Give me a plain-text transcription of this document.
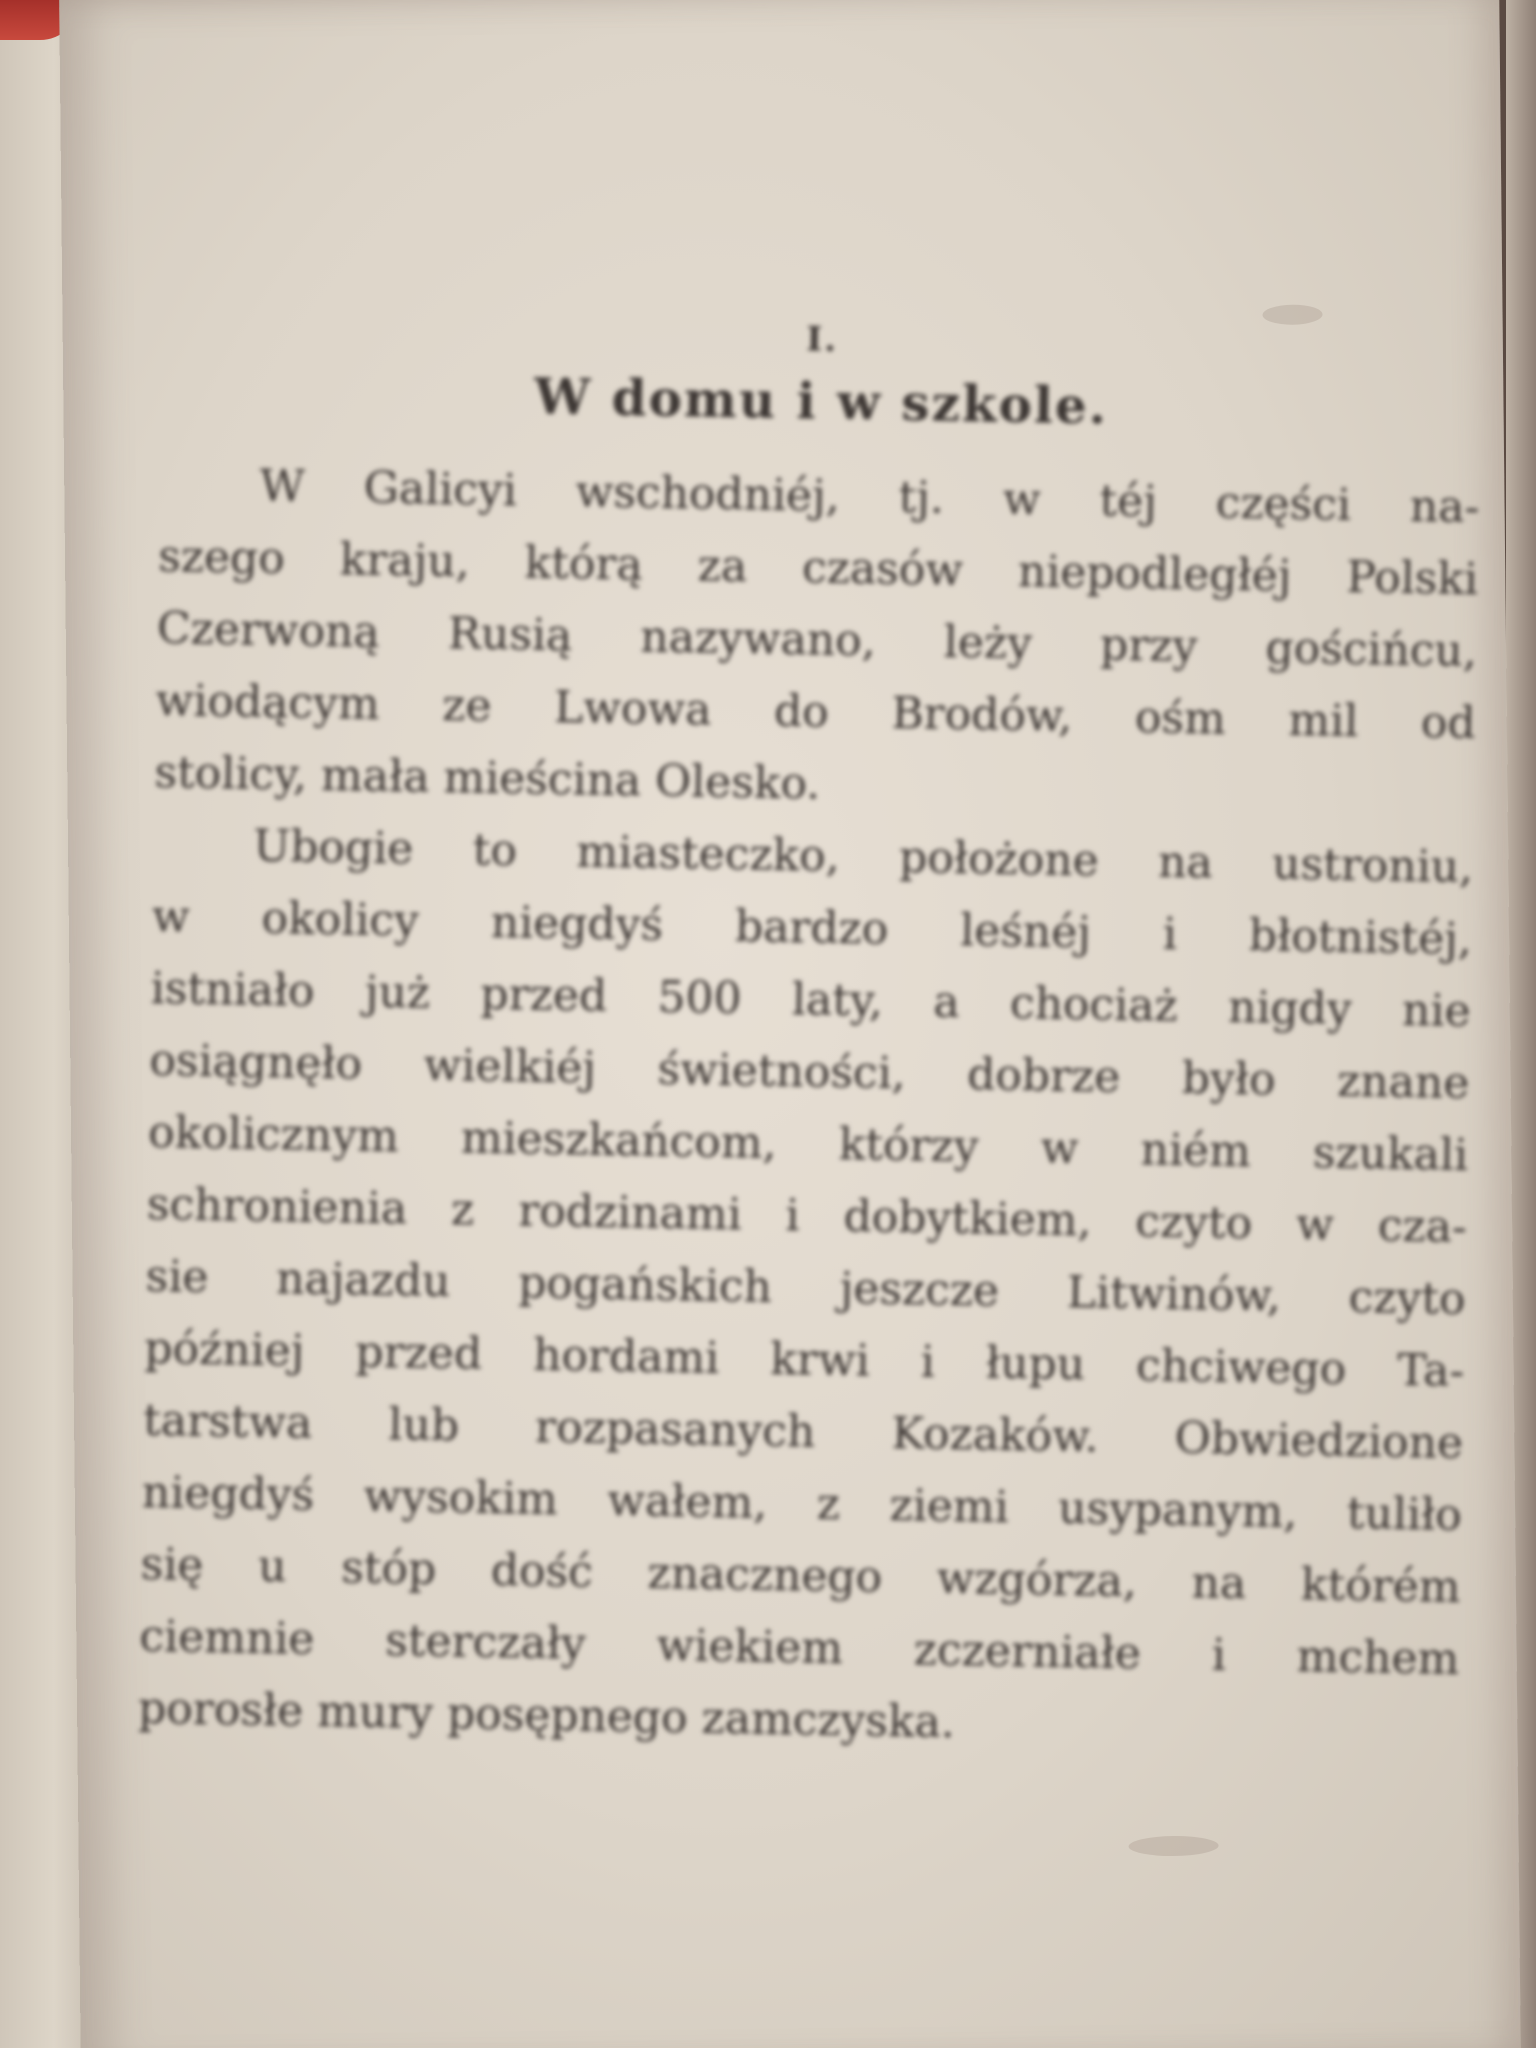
I.
W domu i w szkole.
W Galicyi wschodniéj, tj. w téj części na-
szego kraju, którą za czasów niepodległéj Polski
Czerwoną Rusią nazywano, leży przy gościńcu,
wiodącym ze Lwowa do Brodów, ośm mil od
stolicy, mała mieścina Olesko.
Ubogie to miasteczko, położone na ustroniu,
w okolicy niegdyś bardzo leśnéj i błotnistéj,
istniało już przed 500 laty, a chociaż nigdy nie
osiągnęło wielkiéj świetności, dobrze było znane
okolicznym mieszkańcom, którzy w niém szukali
schronienia z rodzinami i dobytkiem, czyto w cza-
sie najazdu pogańskich jeszcze Litwinów, czyto
później przed hordami krwi i łupu chciwego Ta-
tarstwa lub rozpasanych Kozaków. Obwiedzione
niegdyś wysokim wałem, z ziemi usypanym, tuliło
się u stóp dość znacznego wzgórza, na którém
ciemnie sterczały wiekiem zczerniałe i mchem
porosłe mury posępnego zamczyska.
